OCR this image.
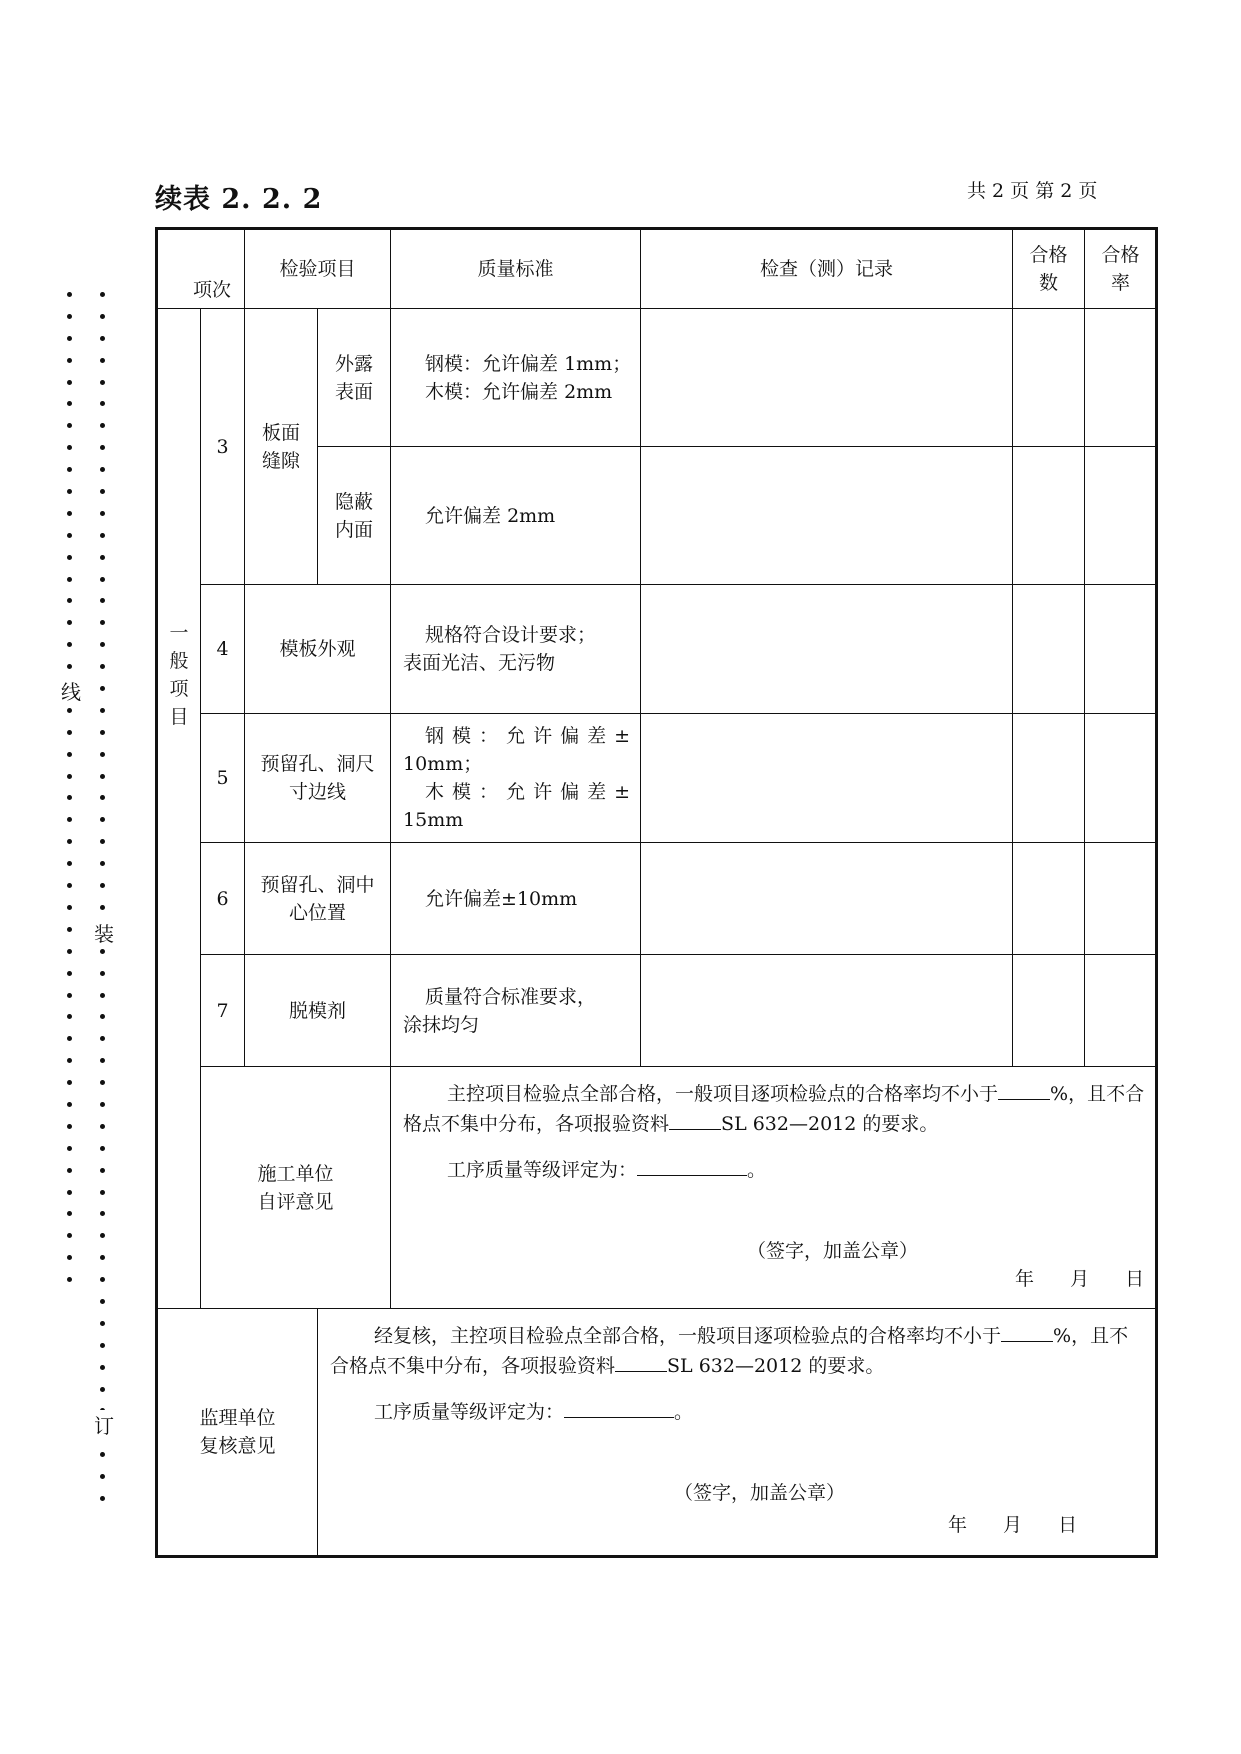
续表 2. 2. 2	共 2 页 第 2 页
线
装
订
项次		检验项目		质量标准	检查（测）记录	合格数	合格率

一般项目	3	板面缝隙	外露表面	钢模：允许偏差 1mm；
木模：允许偏差 2mm			

			隐蔽内面	允许偏差 2mm			

	4	模板外观		规格符合设计要求；
表面光洁、无污物			

	5	预留孔、洞尺寸边线		钢模：允许偏差±
10mm；
木模：允许偏差±
15mm			

	6	预留孔、洞中心位置		允许偏差±10mm			

	7	脱模剂		质量符合标准要求，
涂抹均匀			

	施工单位自评意见			主控项目检验点全部合格，一般项目逐项检验点的合格率均不小于 %，且不合格点不集中分布，各项报验资料 SL 632—2012 的要求。
工序质量等级评定为： 。
（签字，加盖公章）
年 月 日			

监理单位复核意见			经复核，主控项目检验点全部合格，一般项目逐项检验点的合格率均不小于 %，且不合格点不集中分布，各项报验资料 SL 632—2012 的要求。
工序质量等级评定为： 。
（签字，加盖公章）
年 月 日				
